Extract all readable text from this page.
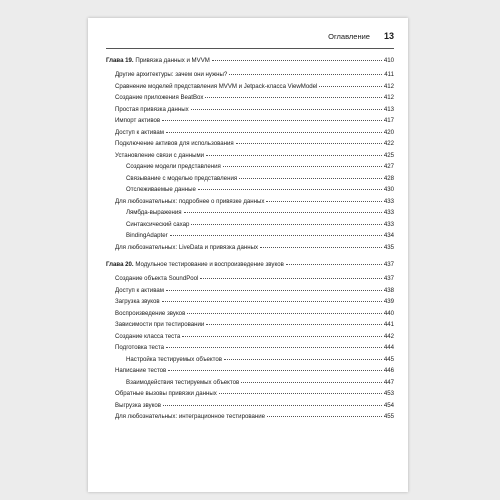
Оглавление 13
Глава 19. Привязка данных и MVVM	410
Другие архитектуры: зачем они нужны?	411
Сравнение моделей представления MVVM и Jetpack-класса ViewModel	412
Создание приложения BeatBox	412
Простая привязка данных	413
Импорт активов	417
Доступ к активам	420
Подключение активов для использования	422
Установление связи с данными	425
Создание модели представления	427
Связывание с моделью представления	428
Отслеживаемые данные	430
Для любознательных: подробнее о привязке данных	433
Лямбда-выражения	433
Синтаксический сахар	433
BindingAdapter	434
Для любознательных: LiveData и привязка данных	435
Глава 20. Модульное тестирование и воспроизведение звуков	437
Создание объекта SoundPool	437
Доступ к активам	438
Загрузка звуков	439
Воспроизведение звуков	440
Зависимости при тестировании	441
Создание класса теста	442
Подготовка теста	444
Настройка тестируемых объектов	445
Написание тестов	446
Взаимодействия тестируемых объектов	447
Обратные вызовы привязки данных	453
Выгрузка звуков	454
Для любознательных: интеграционное тестирование	455
